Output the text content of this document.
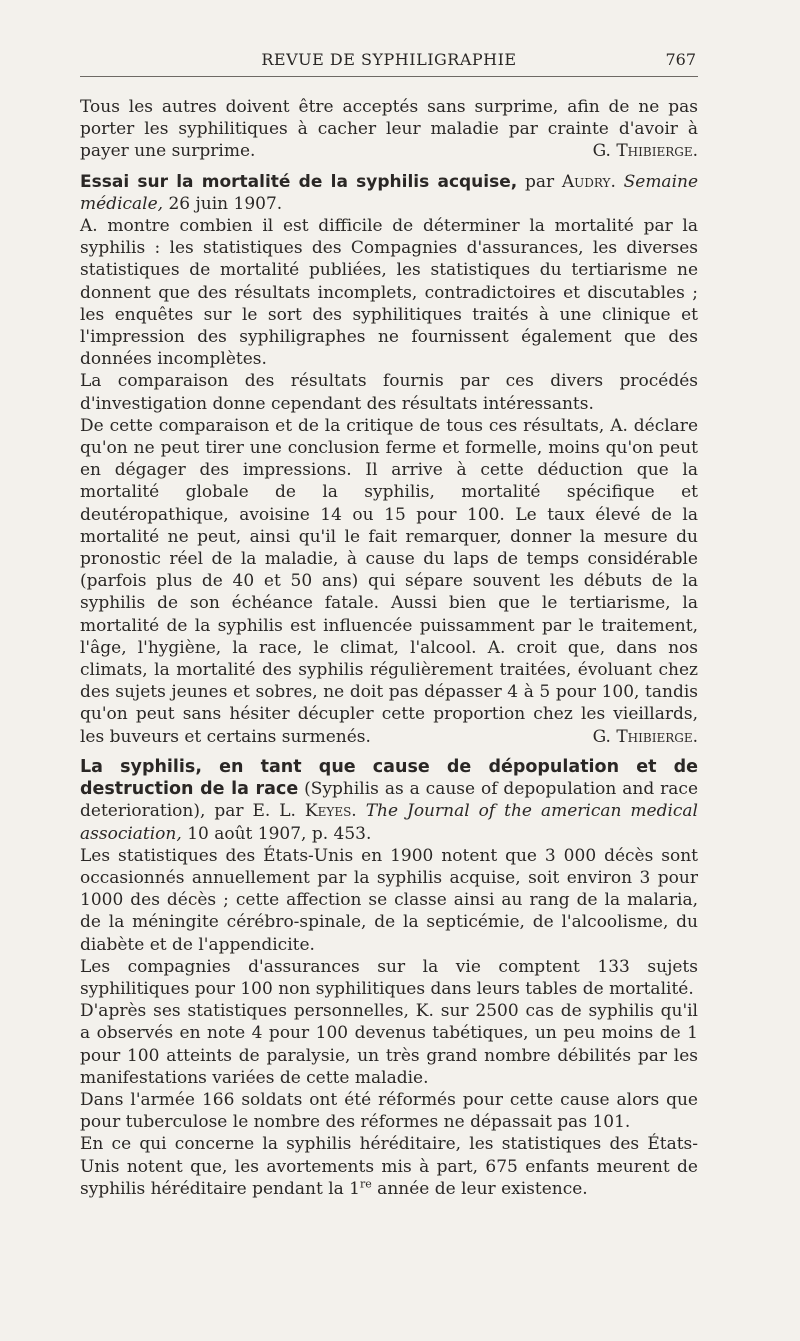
REVUE DE SYPHILIGRAPHIE	767

Tous les autres doivent être acceptés sans surprime, afin de ne pas porter les syphilitiques à cacher leur maladie par crainte d'avoir à payer une surprime.	G. Thibierge.

Essai sur la mortalité de la syphilis acquise, par Audry. Semaine médicale, 26 juin 1907.

A. montre combien il est difficile de déterminer la mortalité par la syphilis : les statistiques des Compagnies d'assurances, les diverses statistiques de mortalité publiées, les statistiques du tertiarisme ne donnent que des résultats incomplets, contradictoires et discutables ; les enquêtes sur le sort des syphilitiques traités à une clinique et l'impression des syphiligraphes ne fournissent également que des données incomplètes.

La comparaison des résultats fournis par ces divers procédés d'investigation donne cependant des résultats intéressants.

De cette comparaison et de la critique de tous ces résultats, A. déclare qu'on ne peut tirer une conclusion ferme et formelle, moins qu'on peut en dégager des impressions. Il arrive à cette déduction que la mortalité globale de la syphilis, mortalité spécifique et deutéropathique, avoisine 14 ou 15 pour 100. Le taux élevé de la mortalité ne peut, ainsi qu'il le fait remarquer, donner la mesure du pronostic réel de la maladie, à cause du laps de temps considérable (parfois plus de 40 et 50 ans) qui sépare souvent les débuts de la syphilis de son échéance fatale. Aussi bien que le tertiarisme, la mortalité de la syphilis est influencée puissamment par le traitement, l'âge, l'hygiène, la race, le climat, l'alcool. A. croit que, dans nos climats, la mortalité des syphilis régulièrement traitées, évoluant chez des sujets jeunes et sobres, ne doit pas dépasser 4 à 5 pour 100, tandis qu'on peut sans hésiter décupler cette proportion chez les vieillards, les buveurs et certains surmenés.	G. Thibierge.

La syphilis, en tant que cause de dépopulation et de destruction de la race (Syphilis as a cause of depopulation and race deterioration), par E. L. Keyes. The Journal of the american medical association, 10 août 1907, p. 453.

Les statistiques des États-Unis en 1900 notent que 3 000 décès sont occasionnés annuellement par la syphilis acquise, soit environ 3 pour 1000 des décès ; cette affection se classe ainsi au rang de la malaria, de la méningite cérébro-spinale, de la septicémie, de l'alcoolisme, du diabète et de l'appendicite.

Les compagnies d'assurances sur la vie comptent 133 sujets syphilitiques pour 100 non syphilitiques dans leurs tables de mortalité.

D'après ses statistiques personnelles, K. sur 2500 cas de syphilis qu'il a observés en note 4 pour 100 devenus tabétiques, un peu moins de 1 pour 100 atteints de paralysie, un très grand nombre débilités par les manifestations variées de cette maladie.

Dans l'armée 166 soldats ont été réformés pour cette cause alors que pour tuberculose le nombre des réformes ne dépassait pas 101.

En ce qui concerne la syphilis héréditaire, les statistiques des États-Unis notent que, les avortements mis à part, 675 enfants meurent de syphilis héréditaire pendant la 1re année de leur existence.
